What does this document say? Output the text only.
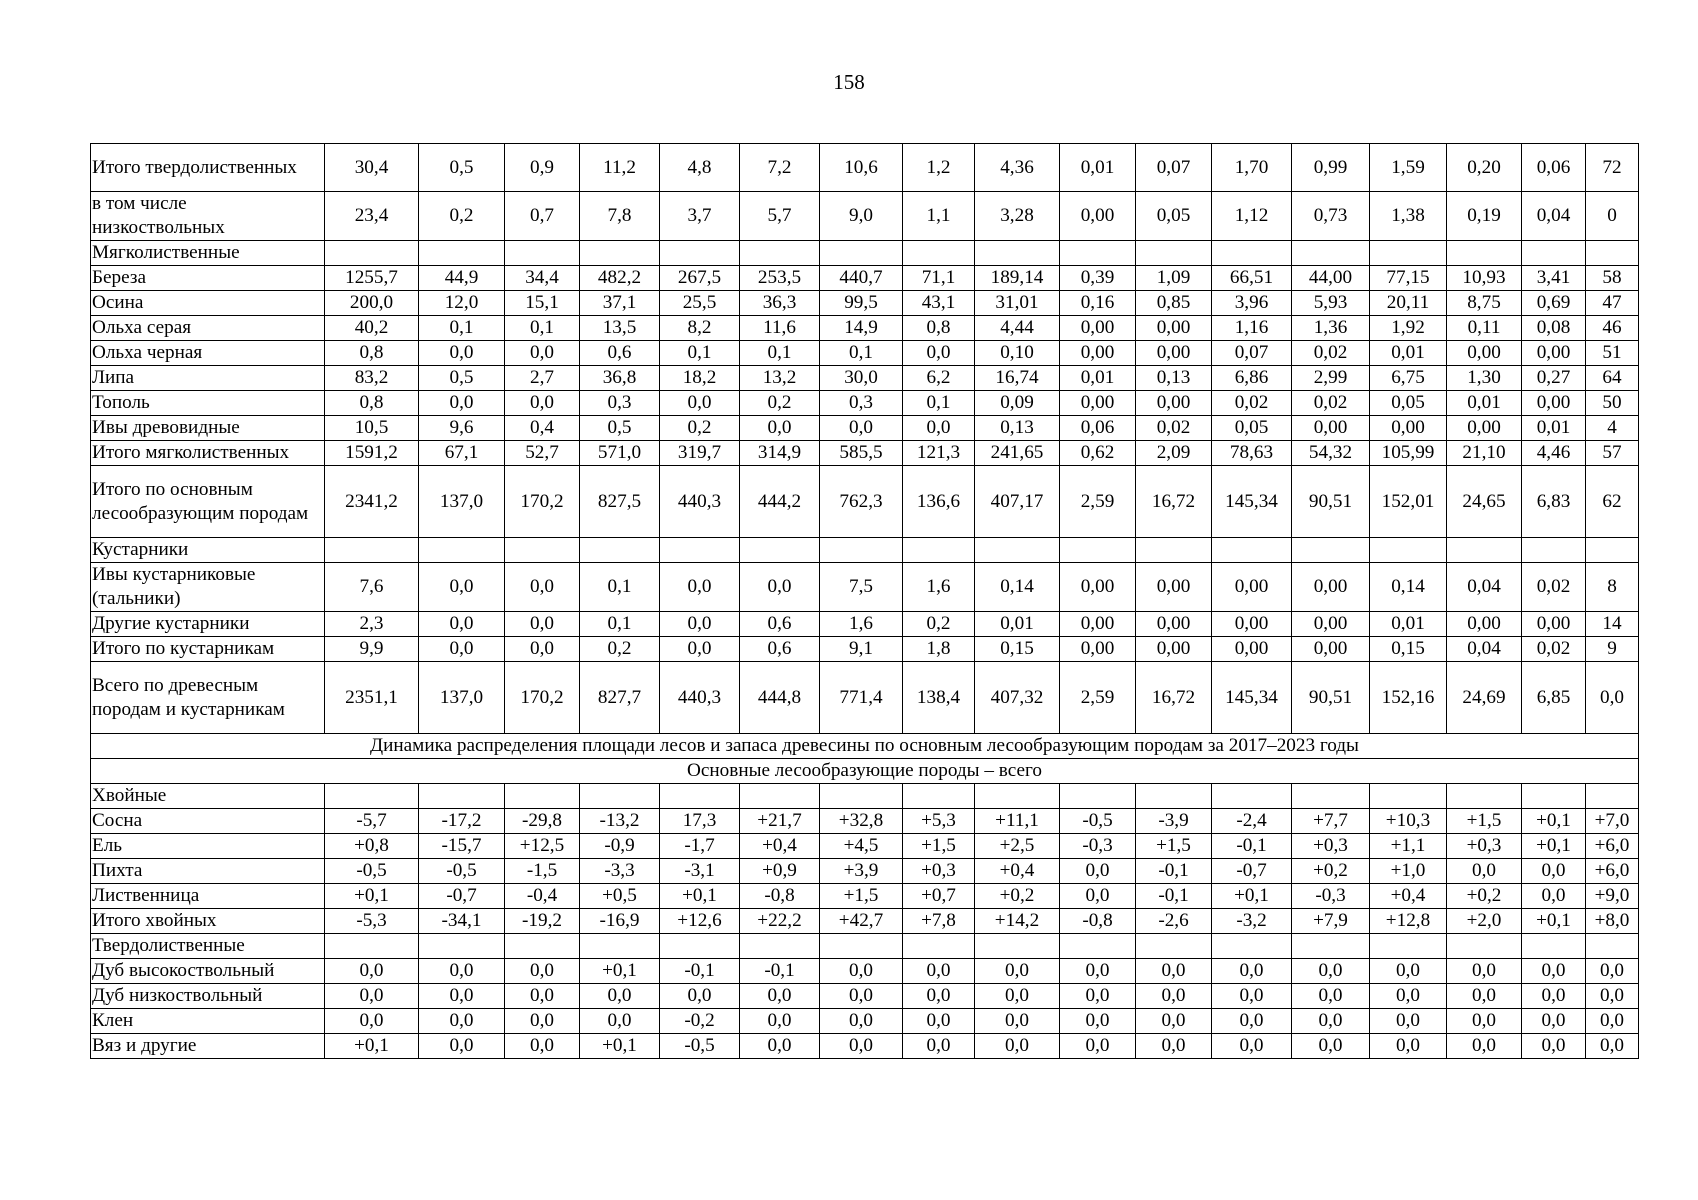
158
Итого твердолиственных	30,4	0,5	0,9	11,2	4,8	7,2	10,6	1,2	4,36	0,01	0,07	1,70	0,99	1,59	0,20	0,06	72
в том числе низкоствольных	23,4	0,2	0,7	7,8	3,7	5,7	9,0	1,1	3,28	0,00	0,05	1,12	0,73	1,38	0,19	0,04	0
Мягколиственные																	
Береза	1255,7	44,9	34,4	482,2	267,5	253,5	440,7	71,1	189,14	0,39	1,09	66,51	44,00	77,15	10,93	3,41	58
Осина	200,0	12,0	15,1	37,1	25,5	36,3	99,5	43,1	31,01	0,16	0,85	3,96	5,93	20,11	8,75	0,69	47
Ольха серая	40,2	0,1	0,1	13,5	8,2	11,6	14,9	0,8	4,44	0,00	0,00	1,16	1,36	1,92	0,11	0,08	46
Ольха черная	0,8	0,0	0,0	0,6	0,1	0,1	0,1	0,0	0,10	0,00	0,00	0,07	0,02	0,01	0,00	0,00	51
Липа	83,2	0,5	2,7	36,8	18,2	13,2	30,0	6,2	16,74	0,01	0,13	6,86	2,99	6,75	1,30	0,27	64
Тополь	0,8	0,0	0,0	0,3	0,0	0,2	0,3	0,1	0,09	0,00	0,00	0,02	0,02	0,05	0,01	0,00	50
Ивы древовидные	10,5	9,6	0,4	0,5	0,2	0,0	0,0	0,0	0,13	0,06	0,02	0,05	0,00	0,00	0,00	0,01	4
Итого мягколиственных	1591,2	67,1	52,7	571,0	319,7	314,9	585,5	121,3	241,65	0,62	2,09	78,63	54,32	105,99	21,10	4,46	57
Итого по основным лесообразующим породам	2341,2	137,0	170,2	827,5	440,3	444,2	762,3	136,6	407,17	2,59	16,72	145,34	90,51	152,01	24,65	6,83	62
Кустарники																	
Ивы кустарниковые (тальники)	7,6	0,0	0,0	0,1	0,0	0,0	7,5	1,6	0,14	0,00	0,00	0,00	0,00	0,14	0,04	0,02	8
Другие кустарники	2,3	0,0	0,0	0,1	0,0	0,6	1,6	0,2	0,01	0,00	0,00	0,00	0,00	0,01	0,00	0,00	14
Итого по кустарникам	9,9	0,0	0,0	0,2	0,0	0,6	9,1	1,8	0,15	0,00	0,00	0,00	0,00	0,15	0,04	0,02	9
Всего по древесным породам и кустарникам	2351,1	137,0	170,2	827,7	440,3	444,8	771,4	138,4	407,32	2,59	16,72	145,34	90,51	152,16	24,69	6,85	0,0
Динамика распределения площади лесов и запаса древесины по основным лесообразующим породам за 2017–2023 годы																	
Основные лесообразующие породы – всего																	
Хвойные																	
Сосна	-5,7	-17,2	-29,8	-13,2	17,3	+21,7	+32,8	+5,3	+11,1	-0,5	-3,9	-2,4	+7,7	+10,3	+1,5	+0,1	+7,0
Ель	+0,8	-15,7	+12,5	-0,9	-1,7	+0,4	+4,5	+1,5	+2,5	-0,3	+1,5	-0,1	+0,3	+1,1	+0,3	+0,1	+6,0
Пихта	-0,5	-0,5	-1,5	-3,3	-3,1	+0,9	+3,9	+0,3	+0,4	0,0	-0,1	-0,7	+0,2	+1,0	0,0	0,0	+6,0
Лиственница	+0,1	-0,7	-0,4	+0,5	+0,1	-0,8	+1,5	+0,7	+0,2	0,0	-0,1	+0,1	-0,3	+0,4	+0,2	0,0	+9,0
Итого хвойных	-5,3	-34,1	-19,2	-16,9	+12,6	+22,2	+42,7	+7,8	+14,2	-0,8	-2,6	-3,2	+7,9	+12,8	+2,0	+0,1	+8,0
Твердолиственные																	
Дуб высокоствольный	0,0	0,0	0,0	+0,1	-0,1	-0,1	0,0	0,0	0,0	0,0	0,0	0,0	0,0	0,0	0,0	0,0	0,0
Дуб низкоствольный	0,0	0,0	0,0	0,0	0,0	0,0	0,0	0,0	0,0	0,0	0,0	0,0	0,0	0,0	0,0	0,0	0,0
Клен	0,0	0,0	0,0	0,0	-0,2	0,0	0,0	0,0	0,0	0,0	0,0	0,0	0,0	0,0	0,0	0,0	0,0
Вяз и другие	+0,1	0,0	0,0	+0,1	-0,5	0,0	0,0	0,0	0,0	0,0	0,0	0,0	0,0	0,0	0,0	0,0	0,0
